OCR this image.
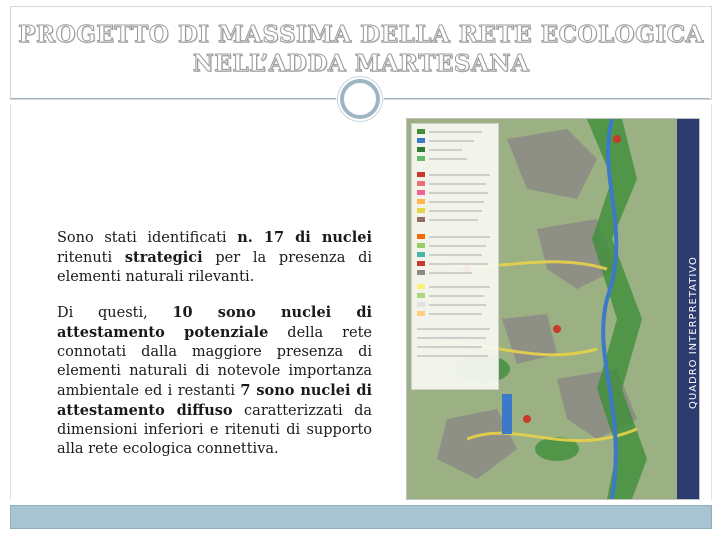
PROGETTO DI MASSIMA DELLA RETE ECOLOGICA
NELL’ADDA MARTESANA

Sono stati identificati n. 17 di nuclei ritenuti strategici per la presenza di elementi naturali rilevanti.

Di questi, 10 sono nuclei di attestamento potenziale della rete connotati dalla maggiore presenza di elementi naturali di notevole importanza ambientale ed i restanti 7 sono nuclei di attestamento diffuso caratterizzati da dimensioni inferiori e ritenuti di supporto alla rete ecologica connettiva.

QUADRO INTERPRETATIVO
